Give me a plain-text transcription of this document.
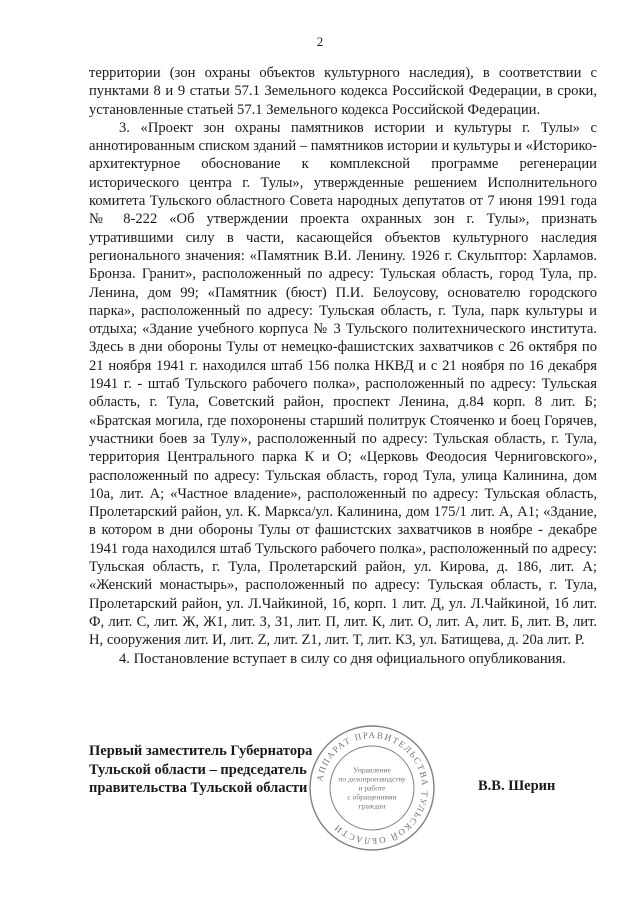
2

территории (зон охраны объектов культурного наследия), в соответствии с пунктами 8 и 9 статьи 57.1 Земельного кодекса Российской Федерации, в сроки, установленные статьей 57.1 Земельного кодекса Российской Федерации.

3. «Проект зон охраны памятников истории и культуры г. Тулы» с аннотированным списком зданий – памятников истории и культуры и «Историко-архитектурное обоснование к комплексной программе регенерации исторического центра г. Тулы», утвержденные решением Исполнительного комитета Тульского областного Совета народных депутатов от 7 июня 1991 года № 8-222 «Об утверждении проекта охранных зон г. Тулы», признать утратившими силу в части, касающейся объектов культурного наследия регионального значения: «Памятник В.И. Ленину. 1926 г. Скульптор: Харламов. Бронза. Гранит», расположенный по адресу: Тульская область, город Тула, пр. Ленина, дом 99; «Памятник (бюст) П.И. Белоусову, основателю городского парка», расположенный по адресу: Тульская область, г. Тула, парк культуры и отдыха; «Здание учебного корпуса № 3 Тульского политехнического института. Здесь в дни обороны Тулы от немецко-фашистских захватчиков с 26 октября по 21 ноября 1941 г. находился штаб 156 полка НКВД и с 21 ноября по 16 декабря 1941 г. - штаб Тульского рабочего полка», расположенный по адресу: Тульская область, г. Тула, Советский район, проспект Ленина, д.84 корп. 8 лит. Б; «Братская могила, где похоронены старший политрук Стояченко и боец Горячев, участники боев за Тулу», расположенный по адресу: Тульская область, г. Тула, территория Центрального парка К и О; «Церковь Феодосия Черниговского», расположенный по адресу: Тульская область, город Тула, улица Калинина, дом 10а, лит. А; «Частное владение», расположенный по адресу: Тульская область, Пролетарский район, ул. К. Маркса/ул. Калинина, дом 175/1 лит. А, А1; «Здание, в котором в дни обороны Тулы от фашистских захватчиков в ноябре - декабре 1941 года находился штаб Тульского рабочего полка», расположенный по адресу: Тульская область, г. Тула, Пролетарский район, ул. Кирова, д. 186, лит. А; «Женский монастырь», расположенный по адресу: Тульская область, г. Тула, Пролетарский район, ул. Л.Чайкиной, 1б, корп. 1 лит. Д, ул. Л.Чайкиной, 1б лит. Ф, лит. С, лит. Ж, Ж1, лит. З, З1, лит. П, лит. К, лит. О, лит. А, лит. Б, лит. В, лит. Н, сооружения лит. И, лит. Z, лит. Z1, лит. Т, лит. К3, ул. Батищева, д. 20а лит. Р.

4. Постановление вступает в силу со дня официального опубликования.

Первый заместитель Губернатора
Тульской области – председатель
правительства Тульской области	В.В. Шерин
АППАРАТ ПРАВИТЕЛЬСТВА ТУЛЬСКОЙ ОБЛАСТИ
Управление
по делопроизводству
и работе
с обращениями
граждан
